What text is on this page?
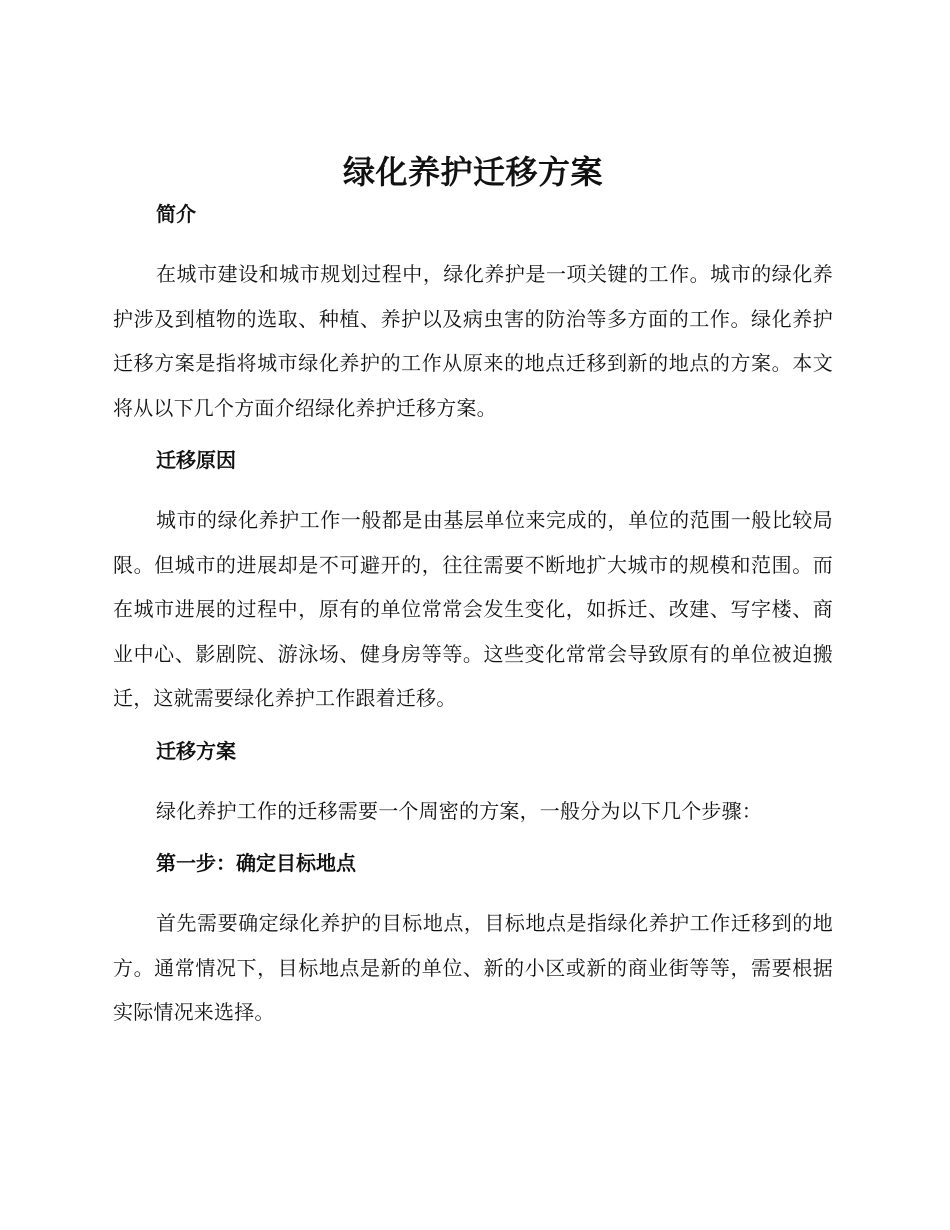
绿化养护迁移方案
简介

在城市建设和城市规划过程中，绿化养护是一项关键的工作。城市的绿化养护涉及到植物的选取、种植、养护以及病虫害的防治等多方面的工作。绿化养护迁移方案是指将城市绿化养护的工作从原来的地点迁移到新的地点的方案。本文将从以下几个方面介绍绿化养护迁移方案。

迁移原因

城市的绿化养护工作一般都是由基层单位来完成的，单位的范围一般比较局限。但城市的进展却是不可避开的，往往需要不断地扩大城市的规模和范围。而在城市进展的过程中，原有的单位常常会发生变化，如拆迁、改建、写字楼、商业中心、影剧院、游泳场、健身房等等。这些变化常常会导致原有的单位被迫搬迁，这就需要绿化养护工作跟着迁移。

迁移方案

绿化养护工作的迁移需要一个周密的方案，一般分为以下几个步骤：

第一步：确定目标地点

首先需要确定绿化养护的目标地点，目标地点是指绿化养护工作迁移到的地方。通常情况下，目标地点是新的单位、新的小区或新的商业街等等，需要根据实际情况来选择。
